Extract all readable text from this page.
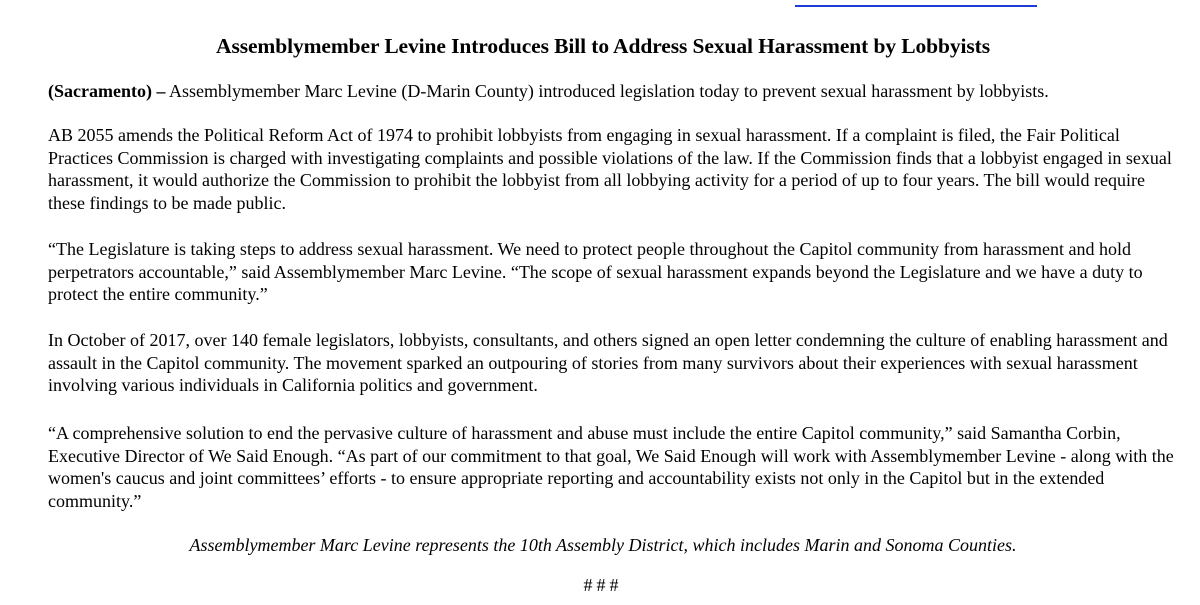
Assemblymember Levine Introduces Bill to Address Sexual Harassment by Lobbyists

(Sacramento) – Assemblymember Marc Levine (D-Marin County) introduced legislation today to prevent sexual harassment by lobbyists.

AB 2055 amends the Political Reform Act of 1974 to prohibit lobbyists from engaging in sexual harassment. If a complaint is filed, the Fair Political Practices Commission is charged with investigating complaints and possible violations of the law. If the Commission finds that a lobbyist engaged in sexual harassment, it would authorize the Commission to prohibit the lobbyist from all lobbying activity for a period of up to four years. The bill would require these findings to be made public.

“The Legislature is taking steps to address sexual harassment. We need to protect people throughout the Capitol community from harassment and hold perpetrators accountable,” said Assemblymember Marc Levine. “The scope of sexual harassment expands beyond the Legislature and we have a duty to protect the entire community.”

In October of 2017, over 140 female legislators, lobbyists, consultants, and others signed an open letter condemning the culture of enabling harassment and assault in the Capitol community. The movement sparked an outpouring of stories from many survivors about their experiences with sexual harassment involving various individuals in California politics and government.

“A comprehensive solution to end the pervasive culture of harassment and abuse must include the entire Capitol community,” said Samantha Corbin, Executive Director of We Said Enough. “As part of our commitment to that goal, We Said Enough will work with Assemblymember Levine - along with the women's caucus and joint committees’ efforts - to ensure appropriate reporting and accountability exists not only in the Capitol but in the extended community.”

Assemblymember Marc Levine represents the 10th Assembly District, which includes Marin and Sonoma Counties.

###
